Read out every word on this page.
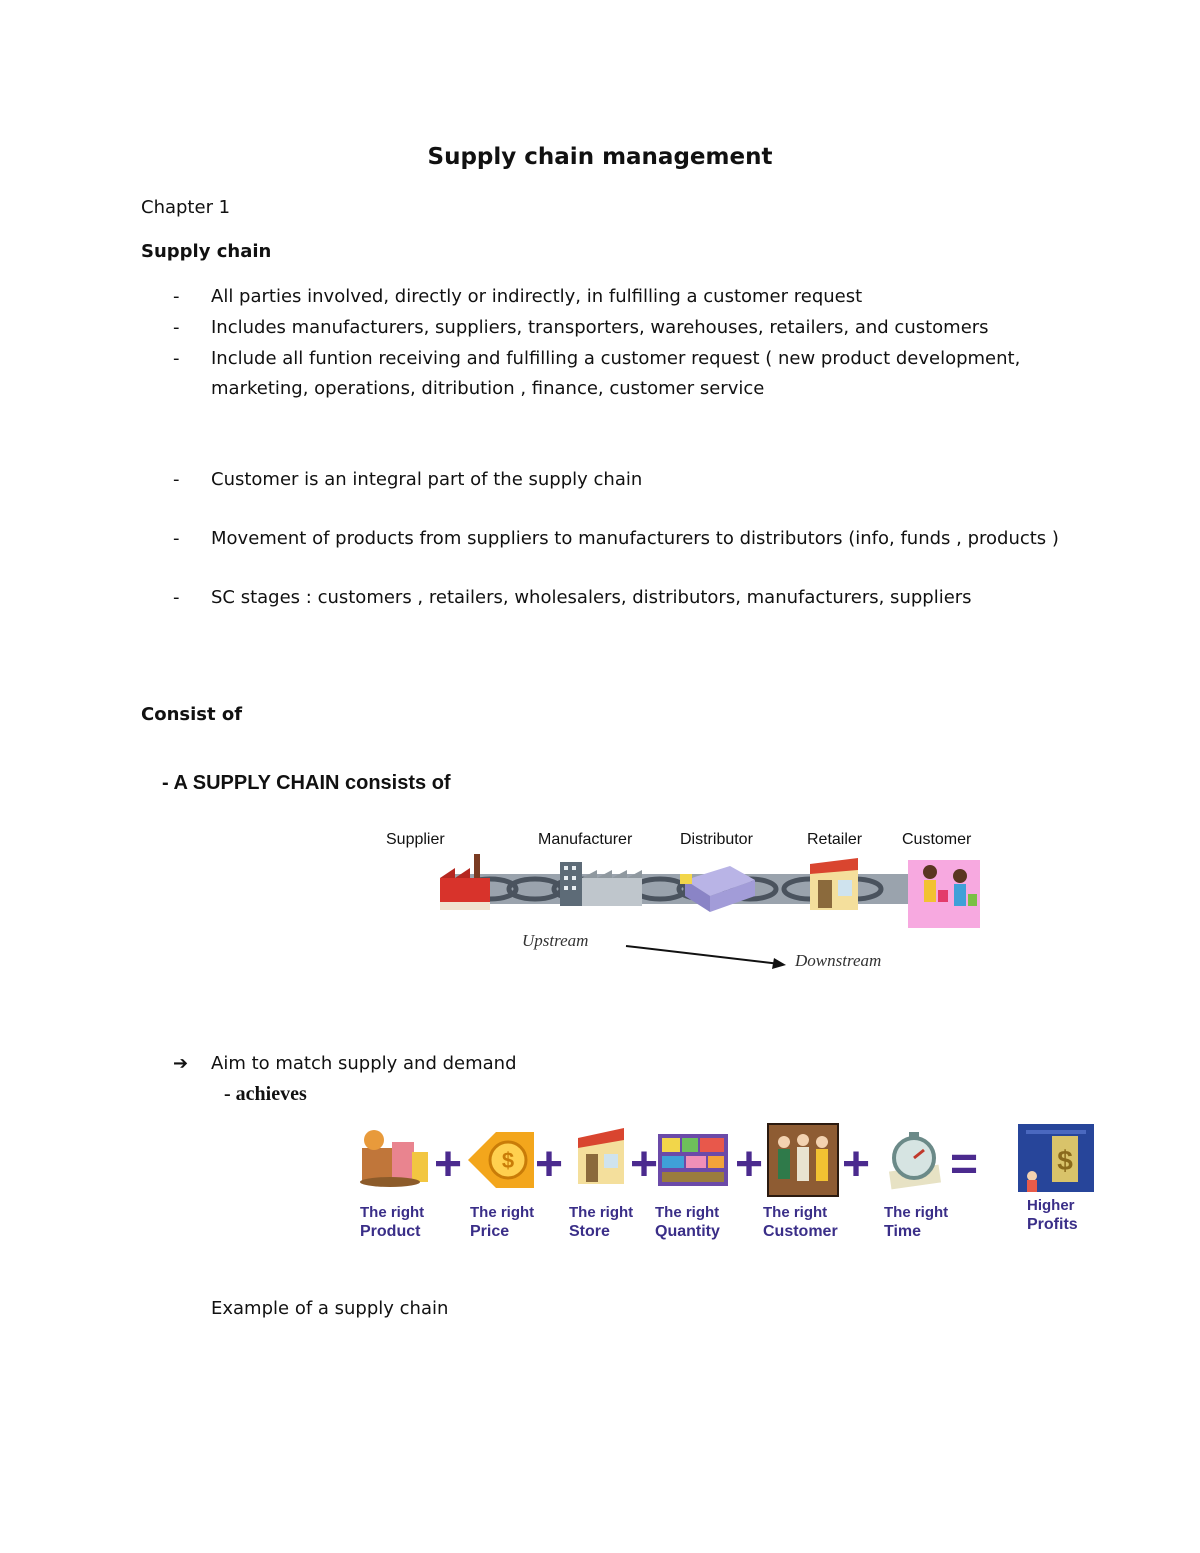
Supply chain management
Chapter 1
Supply chain
- All parties involved, directly or indirectly, in fulfilling a customer request
- Includes manufacturers, suppliers, transporters, warehouses, retailers, and customers
- Include all funtion receiving and fulfilling a customer request ( new product development,
marketing, operations, ditribution , finance, customer service
- Customer is an integral part of the supply chain
- Movement of products from suppliers to manufacturers to distributors (info, funds , products )
- SC stages : customers , retailers, wholesalers, distributors, manufacturers, suppliers
Consist of
- A SUPPLY CHAIN consists of
Supplier	Manufacturer	Distributor	Retailer Customer
Upstream
Downstream
➔ Aim to match supply and demand
- achieves
$	$
+ + + + + =
The right
Product
The right
Price
The right
Store
The right
Quantity
The right
Customer
The right
Time
Higher
Profits
Example of a supply chain
